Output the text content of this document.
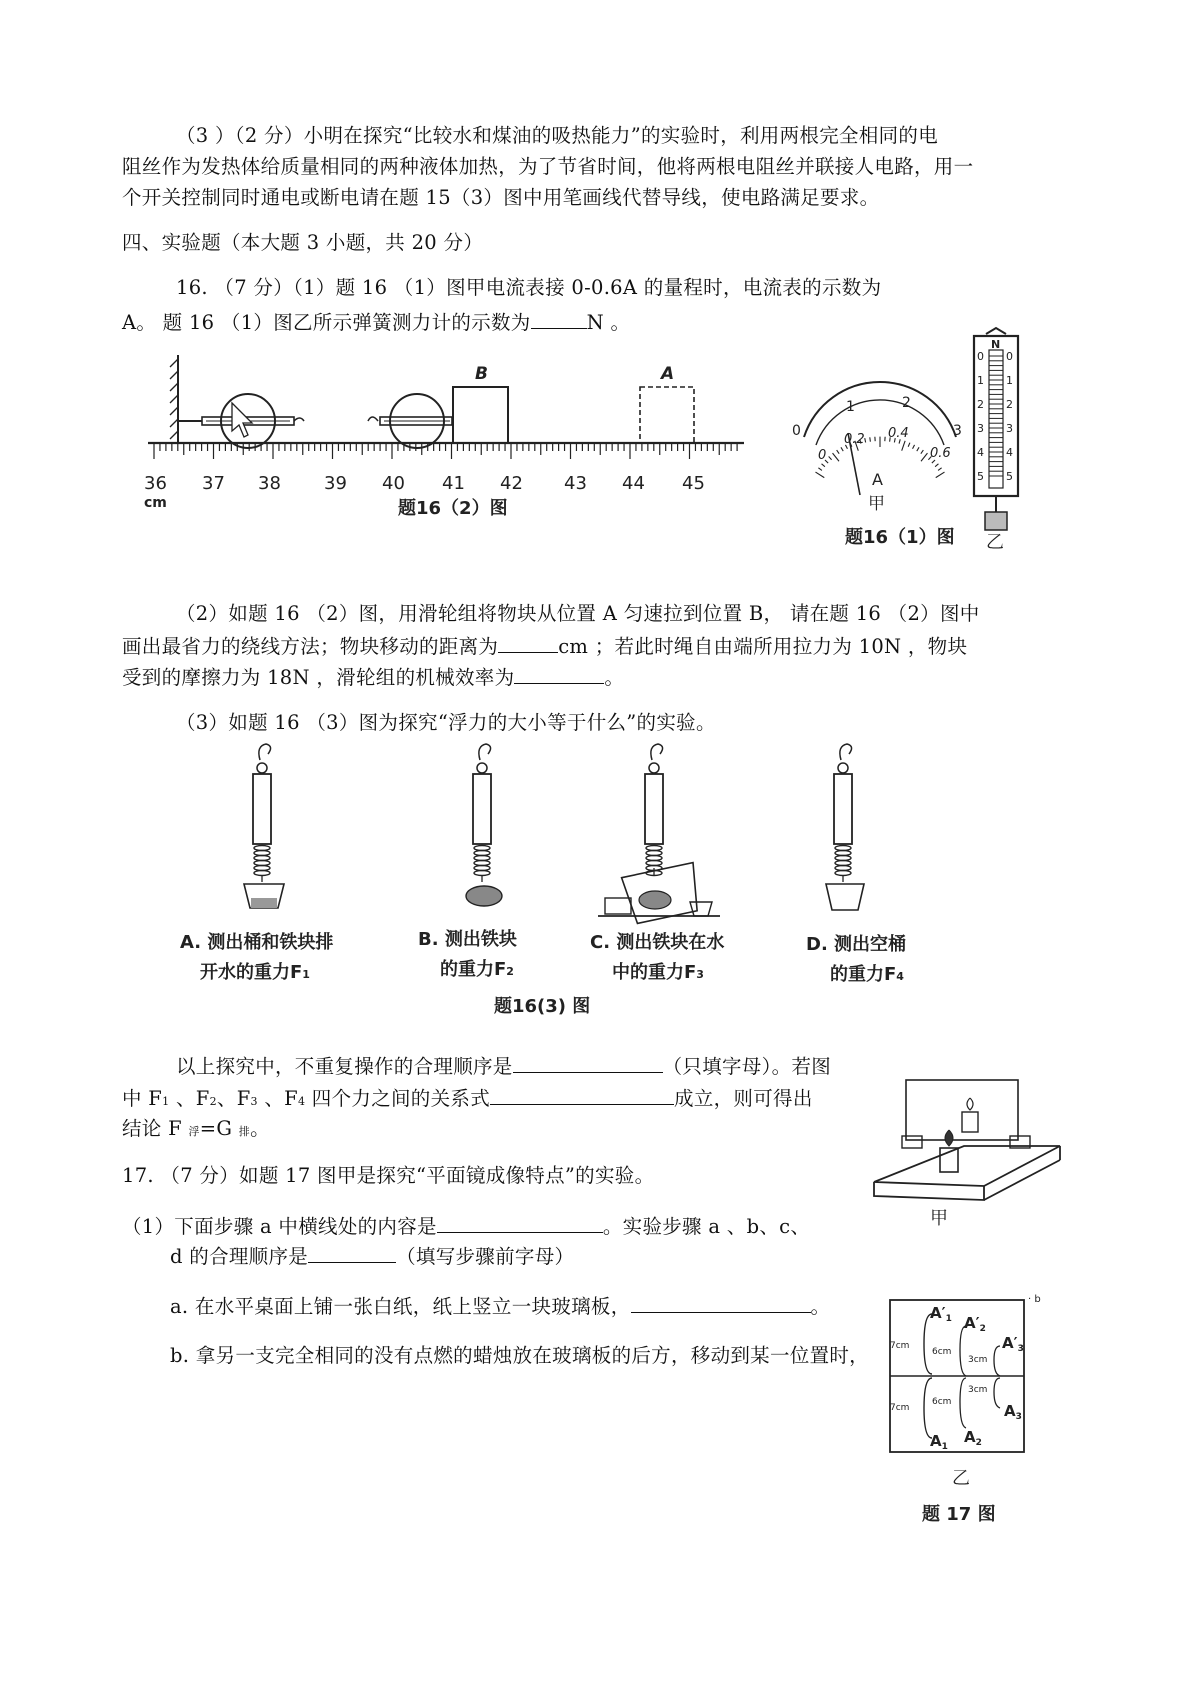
（3 ）（2 分）小明在探究“比较水和煤油的吸热能力”的实验时，利用两根完全相同的电
阻丝作为发热体给质量相同的两种液体加热，为了节省时间，他将两根电阻丝并联接人电路，用一
个开关控制同时通电或断电请在题 15（3）图中用笔画线代替导线，使电路满足要求。
四、实验题（本大题 3 小题，共 20 分）
16. （7 分）（1）题 16 （1）图甲电流表接 0-0.6A 的量程时，电流表的示数为
A。 题 16 （1）图乙所示弹簧测力计的示数为	N 。
B	A
36 37 38 39 40 41 42 43 44 45
cm	题16（2）图
0
1	2
3
0
0.2 0.4
0.6
A
甲
N
0
1
2
3
4
5
0
1
2
3
4
5
乙
题16（1）图
（2）如题 16 （2）图，用滑轮组将物块从位置 A 匀速拉到位置 B， 请在题 16 （2）图中
画出最省力的绕线方法；物块移动的距离为	cm ；若此时绳自由端所用拉力为 10N ，物块
受到的摩擦力为 18N ，滑轮组的机械效率为	。
（3）如题 16 （3）图为探究“浮力的大小等于什么”的实验。
A. 测出桶和铁块排
开水的重力F1
B. 测出铁块
的重力F2
C. 测出铁块在水
中的重力F3
D. 测出空桶
的重力F4
题16(3) 图
以上探究中，不重复操作的合理顺序是	（只填字母）。若图
中 F1 、F2、F3 、F4 四个力之间的关系式	成立，则可得出
结论 F 浮=G 排。
17. （7 分）如题 17 图甲是探究“平面镜成像特点”的实验。
（1）下面步骤 a 中横线处的内容是	。实验步骤 a 、b、c、
d 的合理顺序是	（填写步骤前字母）
a. 在水平桌面上铺一张白纸，纸上竖立一块玻璃板，	。
b. 拿另一支完全相同的没有点燃的蜡烛放在玻璃板的后方，移动到某一位置时，
甲
· b
$A'_1$ $A'_2$
$A'_3$
$A_1$
$A_2$
$A_3$
7cm
7cm
6cm
6cm
3cm
3cm
乙
题 17 图
